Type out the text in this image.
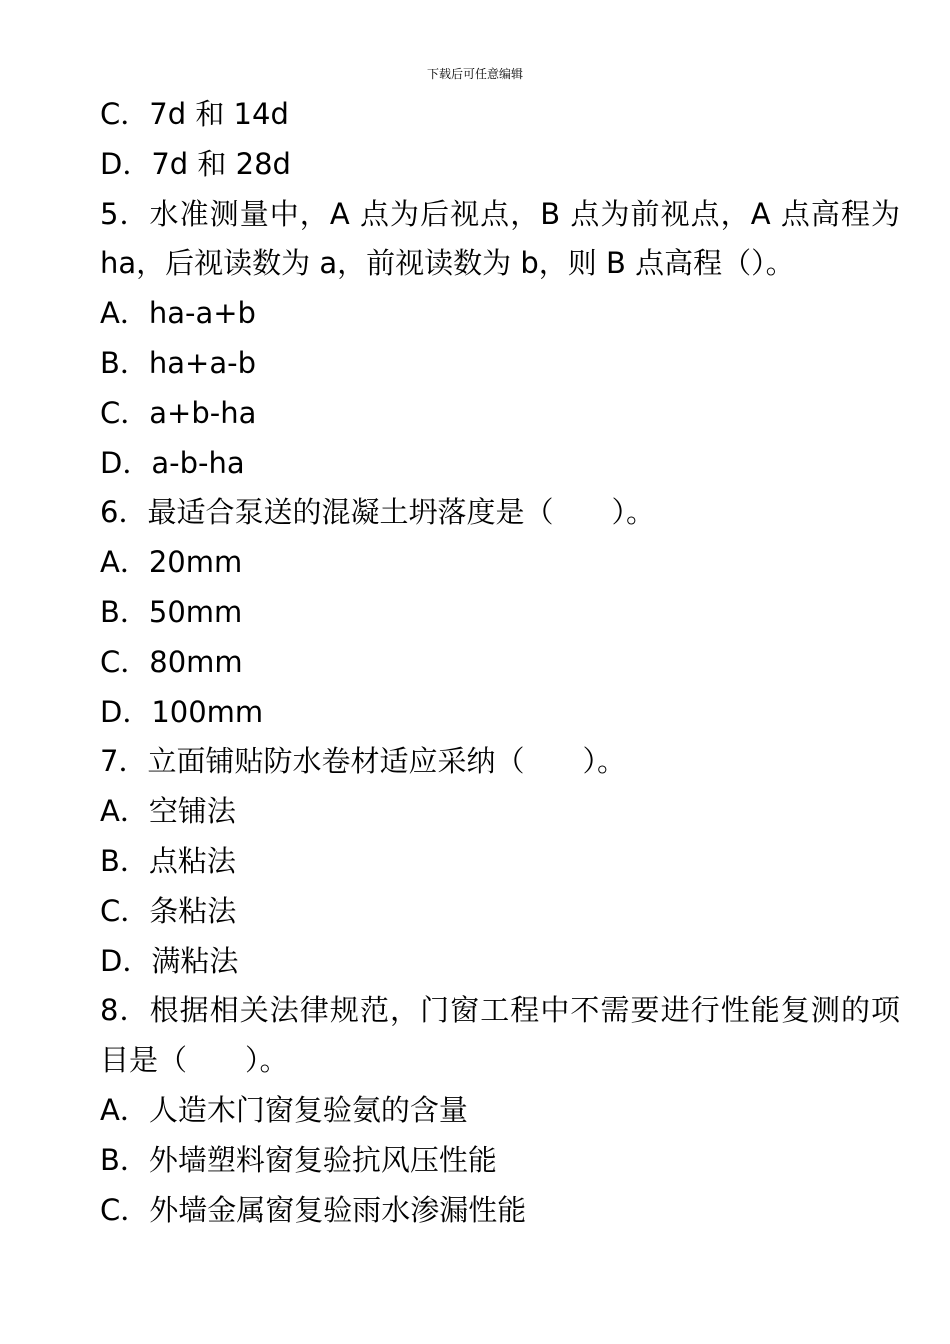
下载后可任意编辑
C．7d 和 14d
D．7d 和 28d
5．水准测量中，A 点为后视点，B 点为前视点，A 点高程为 ha，后视读数为 a，前视读数为 b，则 B 点高程（）。
A．ha-a+b
B．ha+a-b
C．a+b-ha
D．a-b-ha
6．最适合泵送的混凝土坍落度是（　　）。
A．20mm
B．50mm
C．80mm
D．100mm
7．立面铺贴防水卷材适应采纳（　　）。
A．空铺法
B．点粘法
C．条粘法
D．满粘法
8．根据相关法律规范，门窗工程中不需要进行性能复测的项目是（　　）。
A．人造木门窗复验氨的含量
B．外墙塑料窗复验抗风压性能
C．外墙金属窗复验雨水渗漏性能
